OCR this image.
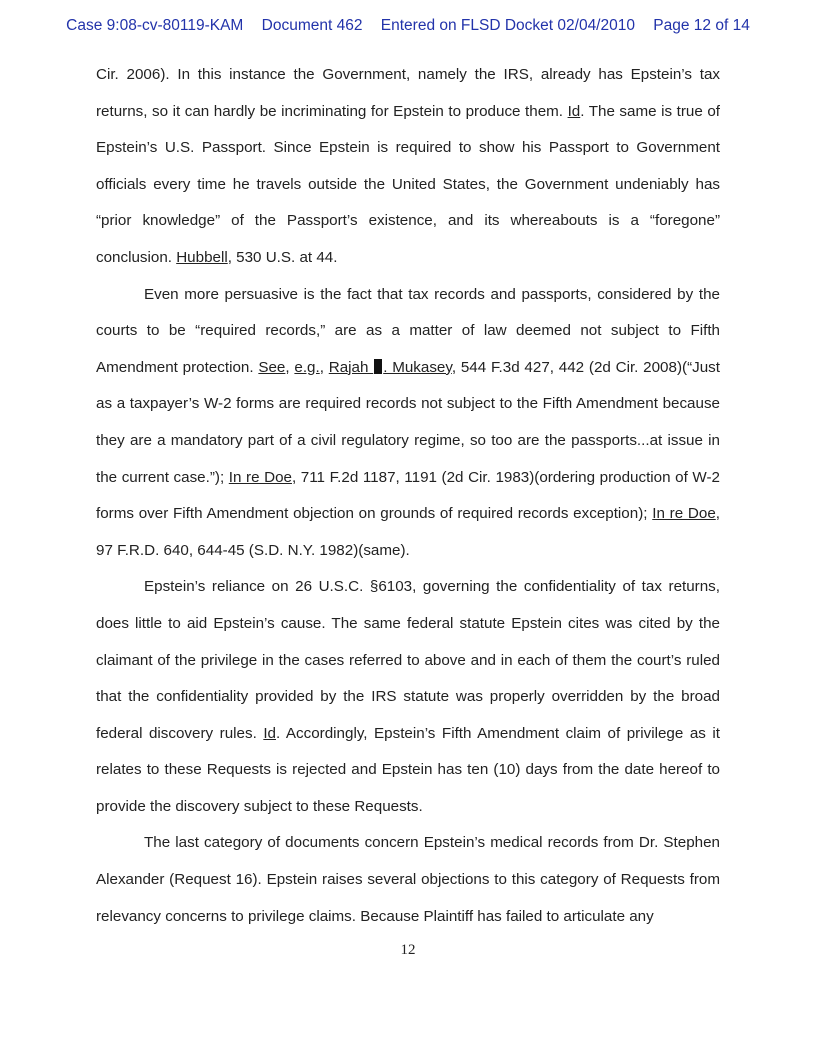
Case 9:08-cv-80119-KAM Document 462 Entered on FLSD Docket 02/04/2010 Page 12 of 14

Cir. 2006). In this instance the Government, namely the IRS, already has Epstein’s tax returns, so it can hardly be incriminating for Epstein to produce them. Id. The same is true of Epstein’s U.S. Passport. Since Epstein is required to show his Passport to Government officials every time he travels outside the United States, the Government undeniably has “prior knowledge” of the Passport’s existence, and its whereabouts is a “foregone” conclusion. Hubbell, 530 U.S. at 44.

Even more persuasive is the fact that tax records and passports, considered by the courts to be “required records,” are as a matter of law deemed not subject to Fifth Amendment protection. See, e.g., Rajah . Mukasey, 544 F.3d 427, 442 (2d Cir. 2008)(“Just as a taxpayer’s W-2 forms are required records not subject to the Fifth Amendment because they are a mandatory part of a civil regulatory regime, so too are the passports...at issue in the current case.”); In re Doe, 711 F.2d 1187, 1191 (2d Cir. 1983)(ordering production of W-2 forms over Fifth Amendment objection on grounds of required records exception); In re Doe, 97 F.R.D. 640, 644-45 (S.D. N.Y. 1982)(same).

Epstein’s reliance on 26 U.S.C. §6103, governing the confidentiality of tax returns, does little to aid Epstein’s cause. The same federal statute Epstein cites was cited by the claimant of the privilege in the cases referred to above and in each of them the court’s ruled that the confidentiality provided by the IRS statute was properly overridden by the broad federal discovery rules. Id. Accordingly, Epstein’s Fifth Amendment claim of privilege as it relates to these Requests is rejected and Epstein has ten (10) days from the date hereof to provide the discovery subject to these Requests.

The last category of documents concern Epstein’s medical records from Dr. Stephen Alexander (Request 16). Epstein raises several objections to this category of Requests from relevancy concerns to privilege claims. Because Plaintiff has failed to articulate any

12
